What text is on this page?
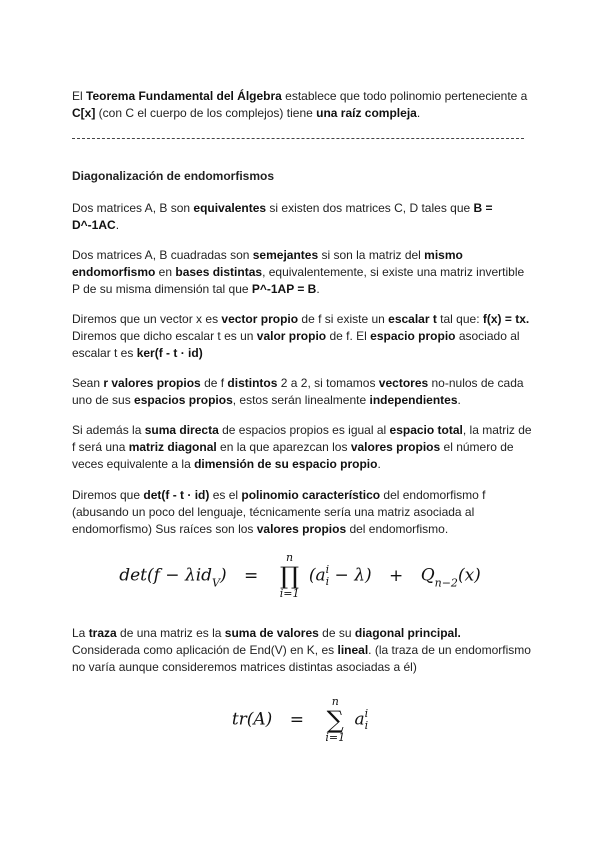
El Teorema Fundamental del Álgebra establece que todo polinomio perteneciente a C[x] (con C el cuerpo de los complejos) tiene una raíz compleja.

Diagonalización de endomorfismos

Dos matrices A, B son equivalentes si existen dos matrices C, D tales que B = D^-1AC.

Dos matrices A, B cuadradas son semejantes si son la matriz del mismo endomorfismo en bases distintas, equivalentemente, si existe una matriz invertible P de su misma dimensión tal que P^-1AP = B.

Diremos que un vector x es vector propio de f si existe un escalar t tal que: f(x) = tx. Diremos que dicho escalar t es un valor propio de f. El espacio propio asociado al escalar t es ker(f - t · id)

Sean r valores propios de f distintos 2 a 2, si tomamos vectores no-nulos de cada uno de sus espacios propios, estos serán linealmente independientes.

Si además la suma directa de espacios propios es igual al espacio total, la matriz de f será una matriz diagonal en la que aparezcan los valores propios el número de veces equivalente a la dimensión de su espacio propio.

Diremos que det(f - t · id) es el polinomio característico del endomorfismo f (abusando un poco del lenguaje, técnicamente sería una matriz asociada al endomorfismo) Sus raíces son los valores propios del endomorfismo.

det(f − λid$_V$) =
n
∏
i=1
(a i
$i - \lambda) + Q_{n-2}(x)$

La traza de una matriz es la suma de valores de su diagonal principal. Considerada como aplicación de End(V) en K, es lineal. (la traza de un endomorfismo no varía aunque consideremos matrices distintas asociadas a él)

tr(A) =
n
∑
i=1
a i
i
